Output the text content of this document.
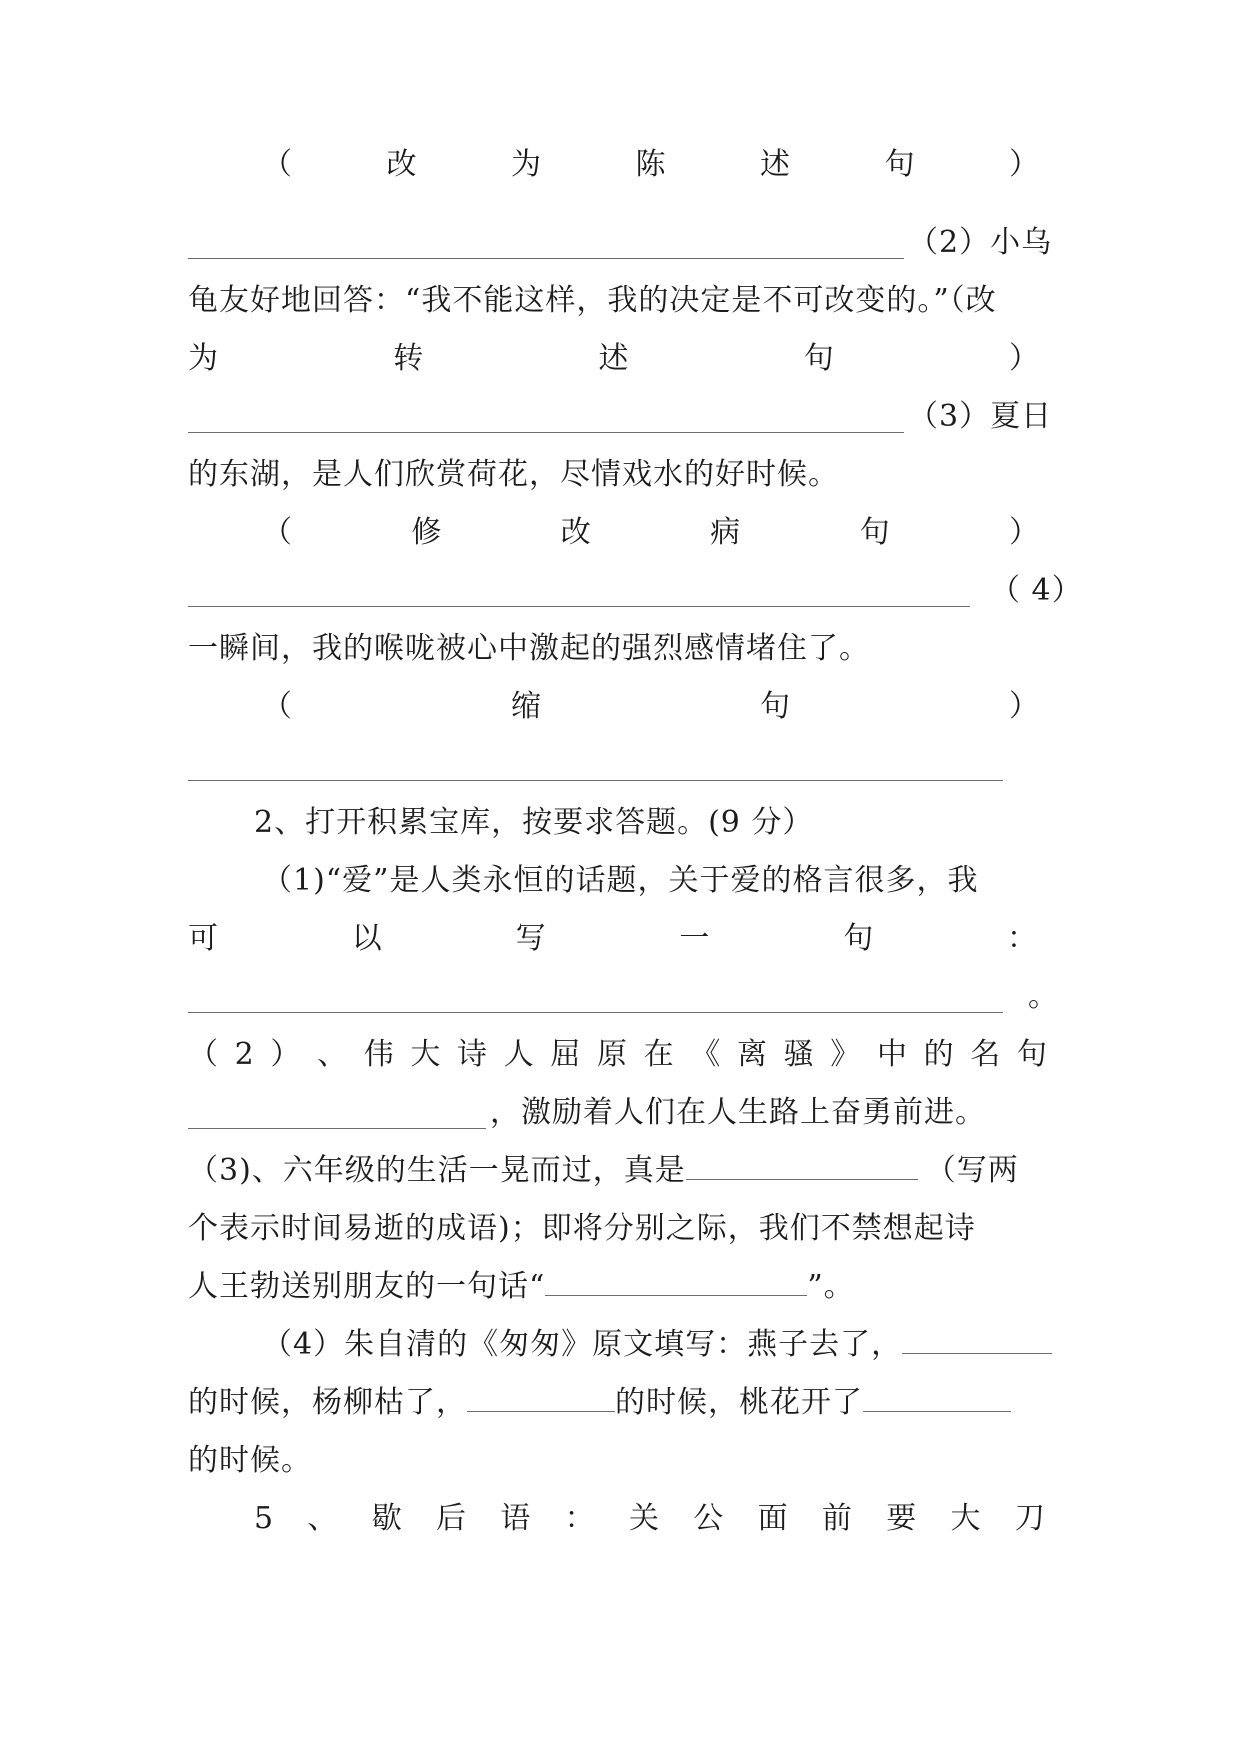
（	改	为	陈	述	句	）
（2）小乌
龟友好地回答：“我不能这样，我的决定是不可改变的。”（改
为	转	述	句	）
（3）夏日
的东湖，是人们欣赏荷花，尽情戏水的好时候。
（	修	改	病	句	）
（ 4）
一瞬间，我的喉咙被心中激起的强烈感情堵住了。
（	缩	句	）
2、打开积累宝库，按要求答题。(9 分）
（1)“爱”是人类永恒的话题，关于爱的格言很多，我
可	以	写	一	句	：
。
（ 2 ） 、 伟 大 诗 人 屈 原 在 《 离 骚 》 中 的 名 句
，激励着人们在人生路上奋勇前进。
（3)、六年级的生活一晃而过，真是	（写两
个表示时间易逝的成语)；即将分别之际，我们不禁想起诗
人王勃送别朋友的一句话“	”。
（4）朱自清的《匆匆》原文填写：燕子去了，
的时候，杨柳枯了，	的时候，桃花开了
的时候。
5 、 歇 后 语 ： 关 公 面 前 要 大 刀
